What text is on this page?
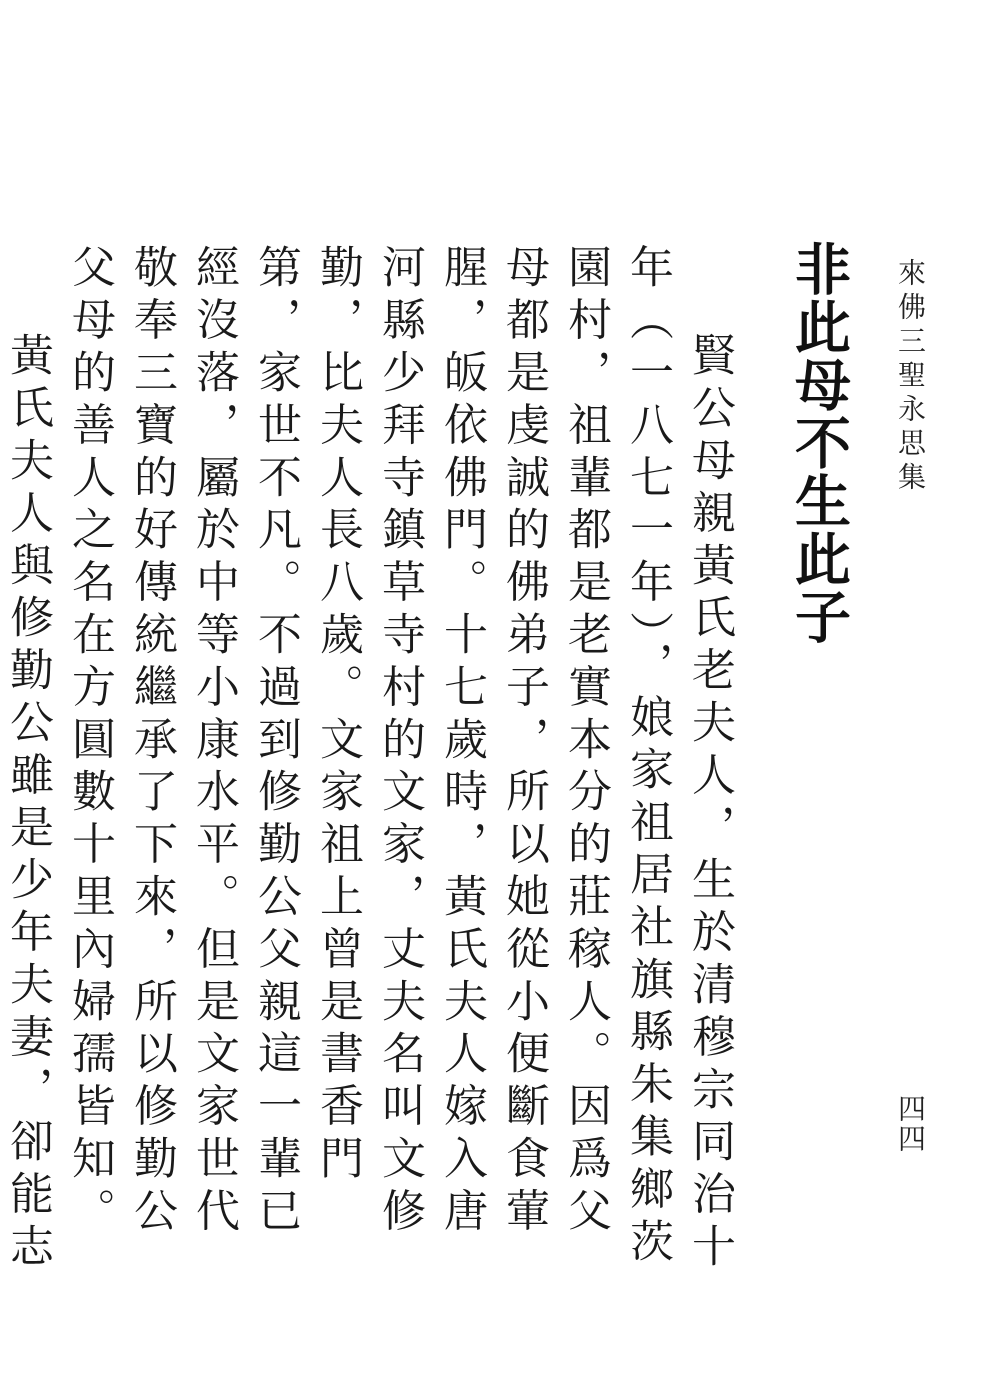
來佛三聖永思集
四四
非此母不生此子

賢公母親黃氏老夫人，生於清穆宗同治十年（一八七一年），娘家祖居社旗縣朱集鄉茨園村，祖輩都是老實本分的莊稼人。因爲父母都是虔誠的佛弟子，所以她從小便斷食葷腥，皈依佛門。十七歲時，黃氏夫人嫁入唐河縣少拜寺鎮草寺村的文家，丈夫名叫文修勤，比夫人長八歲。文家祖上曾是書香門第，家世不凡。不過到修勤公父親這一輩已經沒落，屬於中等小康水平。但是文家世代敬奉三寶的好傳統繼承了下來，所以修勤公父母的善人之名在方圓數十里內婦孺皆知。

黃氏夫人與修勤公雖是少年夫妻，卻能志
